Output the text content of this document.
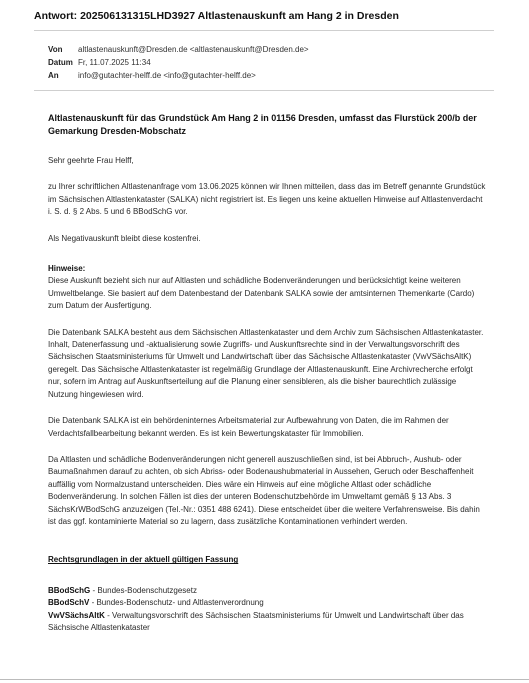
Antwort: 202506131315LHD3927 Altlastenauskunft am Hang 2 in Dresden
Von altlastenauskunft@Dresden.de <altlastenauskunft@Dresden.de>
Datum Fr, 11.07.2025 11:34
An info@gutachter-helff.de <info@gutachter-helff.de>

Altlastenauskunft für das Grundstück Am Hang 2 in 01156 Dresden, umfasst das Flurstück 200/b der Gemarkung Dresden-Mobschatz

Sehr geehrte Frau Helff,

zu Ihrer schriftlichen Altlastenanfrage vom 13.06.2025 können wir Ihnen mitteilen, dass das im Betreff genannte Grundstück im Sächsischen Altlastenkataster (SALKA) nicht registriert ist. Es liegen uns keine aktuellen Hinweise auf Altlastenverdacht i. S. d. § 2 Abs. 5 und 6 BBodSchG vor.

Als Negativauskunft bleibt diese kostenfrei.

Hinweise:

Diese Auskunft bezieht sich nur auf Altlasten und schädliche Bodenveränderungen und berücksichtigt keine weiteren Umweltbelange. Sie basiert auf dem Datenbestand der Datenbank SALKA sowie der amtsinternen Themenkarte (Cardo) zum Datum der Ausfertigung.

Die Datenbank SALKA besteht aus dem Sächsischen Altlastenkataster und dem Archiv zum Sächsischen Altlastenkataster. Inhalt, Datenerfassung und -aktualisierung sowie Zugriffs- und Auskunftsrechte sind in der Verwaltungsvorschrift des Sächsischen Staatsministeriums für Umwelt und Landwirtschaft über das Sächsische Altlastenkataster (VwVSächsAltK) geregelt. Das Sächsische Altlastenkataster ist regelmäßig Grundlage der Altlastenauskunft. Eine Archivrecherche erfolgt nur, sofern im Antrag auf Auskunftserteilung auf die Planung einer sensibleren, als die bisher baurechtlich zulässige Nutzung hingewiesen wird.

Die Datenbank SALKA ist ein behördeninternes Arbeitsmaterial zur Aufbewahrung von Daten, die im Rahmen der Verdachtsfallbearbeitung bekannt werden. Es ist kein Bewertungskataster für Immobilien.

Da Altlasten und schädliche Bodenveränderungen nicht generell auszuschließen sind, ist bei Abbruch-, Aushub- oder Baumaßnahmen darauf zu achten, ob sich Abriss- oder Bodenaushubmaterial in Aussehen, Geruch oder Beschaffenheit auffällig vom Normalzustand unterscheiden. Dies wäre ein Hinweis auf eine mögliche Altlast oder schädliche Bodenveränderung. In solchen Fällen ist dies der unteren Bodenschutzbehörde im Umweltamt gemäß § 13 Abs. 3 SächsKrWBodSchG anzuzeigen (Tel.-Nr.: 0351 488 6241). Diese entscheidet über die weitere Verfahrensweise. Bis dahin ist das ggf. kontaminierte Material so zu lagern, dass zusätzliche Kontaminationen verhindert werden.

Rechtsgrundlagen in der aktuell gültigen Fassung

BBodSchG - Bundes-Bodenschutzgesetz

BBodSchV - Bundes-Bodenschutz- und Altlastenverordnung

VwVSächsAltK - Verwaltungsvorschrift des Sächsischen Staatsministeriums für Umwelt und Landwirtschaft über das Sächsische Altlastenkataster
